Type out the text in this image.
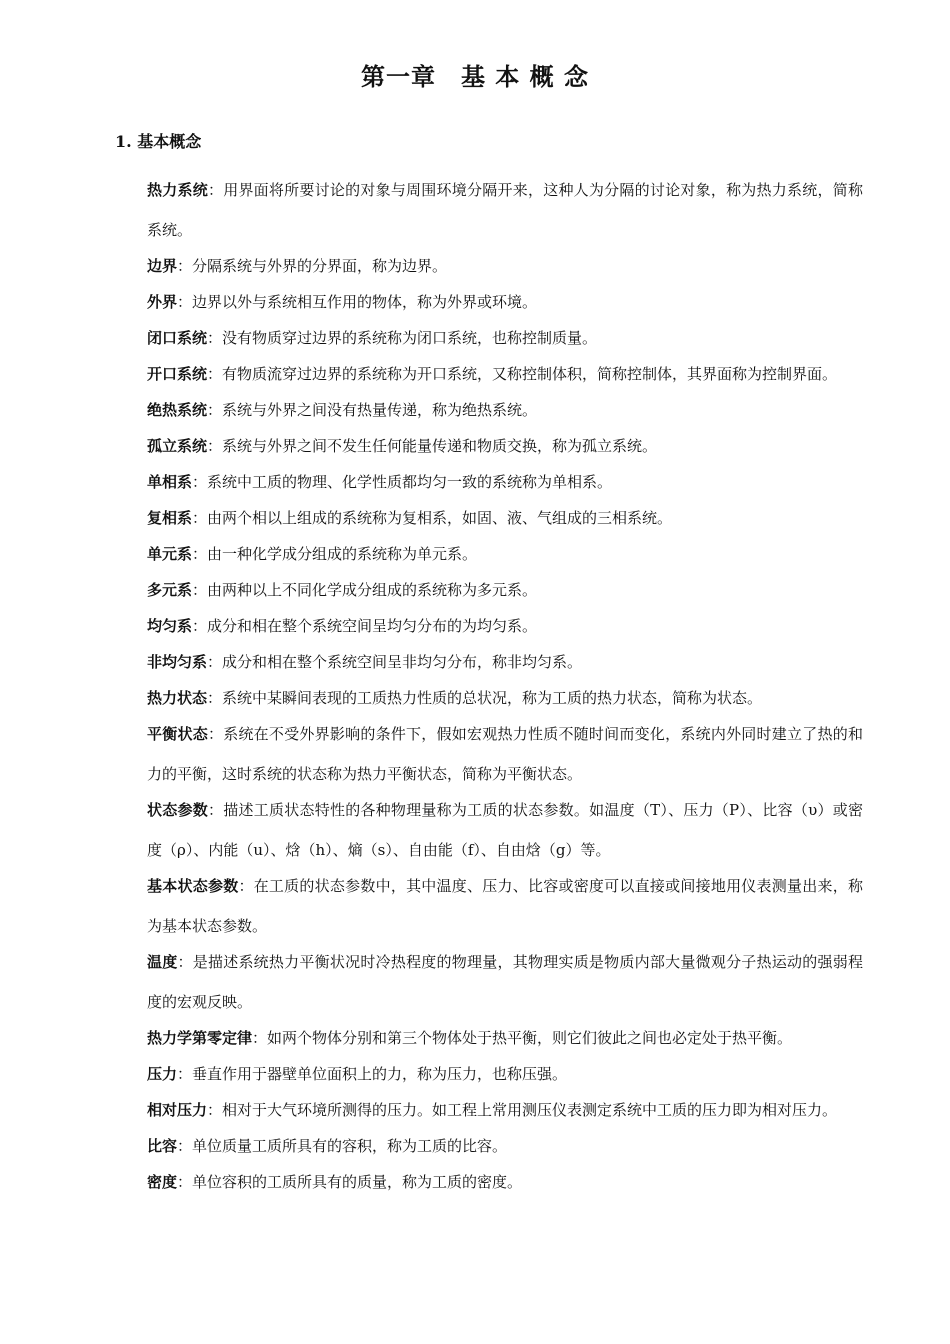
第一章　基 本 概 念
1. 基本概念

热力系统：用界面将所要讨论的对象与周围环境分隔开来，这种人为分隔的讨论对象，称为热力系统，简称系统。

边界：分隔系统与外界的分界面，称为边界。

外界：边界以外与系统相互作用的物体，称为外界或环境。

闭口系统：没有物质穿过边界的系统称为闭口系统，也称控制质量。

开口系统：有物质流穿过边界的系统称为开口系统，又称控制体积，简称控制体，其界面称为控制界面。

绝热系统：系统与外界之间没有热量传递，称为绝热系统。

孤立系统：系统与外界之间不发生任何能量传递和物质交换，称为孤立系统。

单相系：系统中工质的物理、化学性质都均匀一致的系统称为单相系。

复相系：由两个相以上组成的系统称为复相系，如固、液、气组成的三相系统。

单元系：由一种化学成分组成的系统称为单元系。

多元系：由两种以上不同化学成分组成的系统称为多元系。

均匀系：成分和相在整个系统空间呈均匀分布的为均匀系。

非均匀系：成分和相在整个系统空间呈非均匀分布，称非均匀系。

热力状态：系统中某瞬间表现的工质热力性质的总状况，称为工质的热力状态，简称为状态。

平衡状态：系统在不受外界影响的条件下，假如宏观热力性质不随时间而变化，系统内外同时建立了热的和力的平衡，这时系统的状态称为热力平衡状态，简称为平衡状态。

状态参数：描述工质状态特性的各种物理量称为工质的状态参数。如温度（T）、压力（P）、比容（υ）或密度（ρ）、内能（u）、焓（h）、熵（s）、自由能（f）、自由焓（g）等。

基本状态参数：在工质的状态参数中，其中温度、压力、比容或密度可以直接或间接地用仪表测量出来，称为基本状态参数。

温度：是描述系统热力平衡状况时冷热程度的物理量，其物理实质是物质内部大量微观分子热运动的强弱程度的宏观反映。

热力学第零定律：如两个物体分别和第三个物体处于热平衡，则它们彼此之间也必定处于热平衡。

压力：垂直作用于器壁单位面积上的力，称为压力，也称压强。

相对压力：相对于大气环境所测得的压力。如工程上常用测压仪表测定系统中工质的压力即为相对压力。

比容：单位质量工质所具有的容积，称为工质的比容。

密度：单位容积的工质所具有的质量，称为工质的密度。
